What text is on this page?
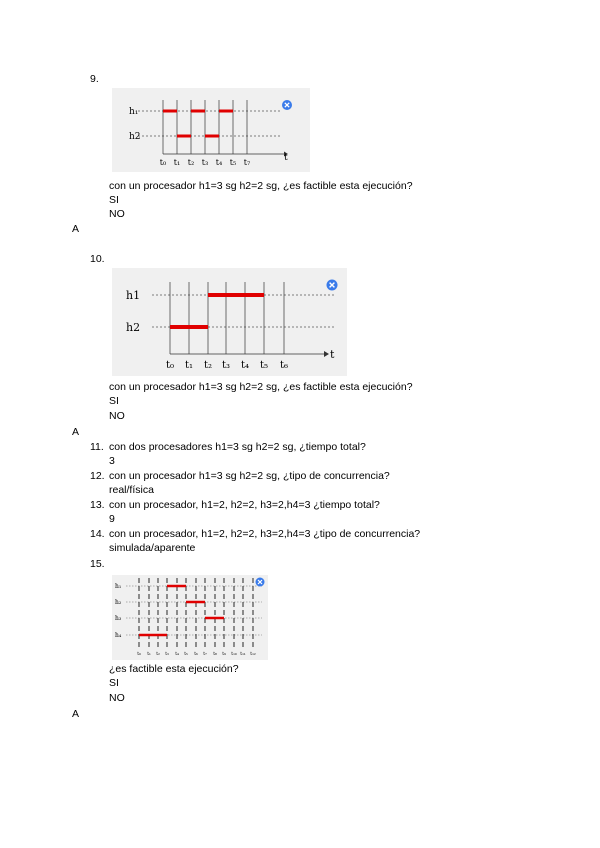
9.
h₁
h2
t₀ t₁ t₂ t₃ t₄ t₅ t₇	t
con un procesador h1=3 sg h2=2 sg, ¿es factible esta ejecución?
SI
NO
A
10.
h1
h2
t₀ t₁ t₂ t₃ t₄ t₅ t₆
t
con un procesador h1=3 sg h2=2 sg, ¿es factible esta ejecución?
SI
NO
A
11. con dos procesadores h1=3 sg h2=2 sg, ¿tiempo total?
3
12. con un procesador h1=3 sg h2=2 sg, ¿tipo de concurrencia?
real/física
13. con un procesador, h1=2, h2=2, h3=2,h4=3 ¿tiempo total?
9
14. con un procesador, h1=2, h2=2, h3=2,h4=3 ¿tipo de concurrencia?
simulada/aparente
15.
h₁
h₂
h₃
h₄
t₀ t₁ t₂ t₃ t₄ t₅ t₆ t₇ t₈ t₉ t₁₀ t₁₁ t₁₂
¿es factible esta ejecución?
SI
NO
A
